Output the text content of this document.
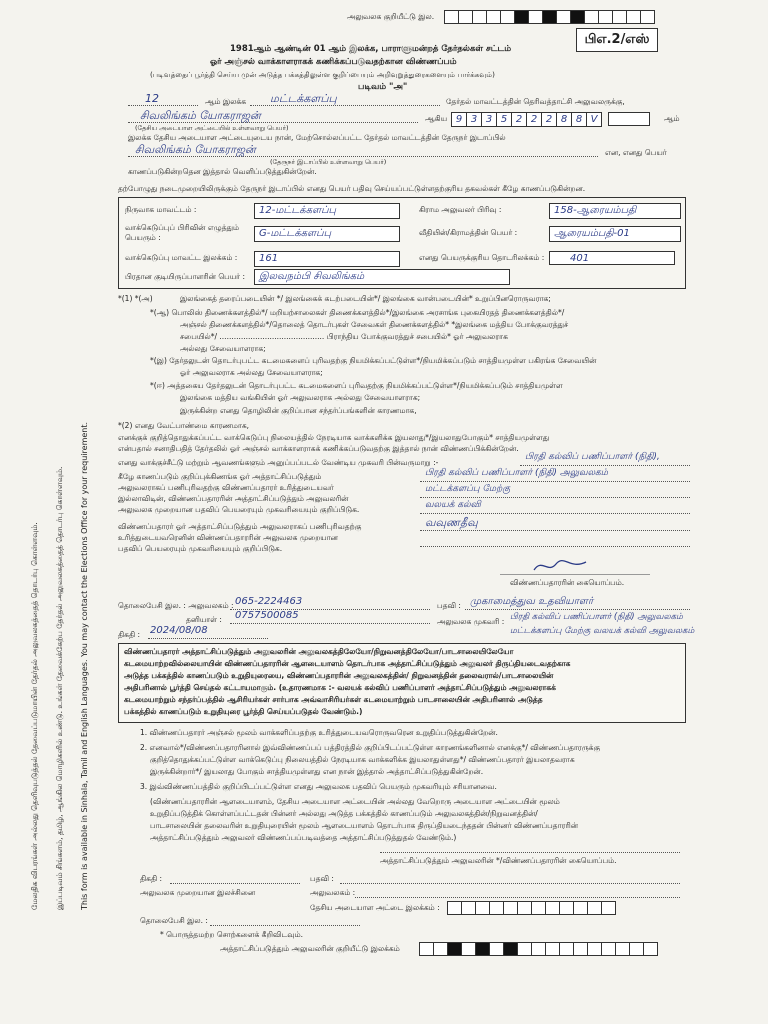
மேலதிக விபரங்கள் அல்லது தெளிவுபடுத்தல் தேவைப்படுமாயின் தேர்தல் அலுவலகத்தைத் தொடர்பு கொள்ளவும். இப்படிவம் சிங்களம், தமிழ், ஆங்கில மொழிகளில் உண்டு. உங்கள் தேவைக்கேற்ப தேர்தல் அலுவலகத்தைத் தொடர்பு கொள்ளவும். This form is available in Sinhala, Tamil and English Languages. You may contact the Elections Office for your requirement.
அலுவலக குறியீட்டு இல.
பிஎ.2/எஸ்
1981ஆம் ஆண்டின் 01 ஆம் இலக்க, பாராளுமன்றத் தேர்தல்கள் சட்டம்
ஓர் அஞ்சல் வாக்காளராகக் கணிக்கப்படுவதற்கான விண்ணப்பம்
(படிவத்தைப் பூர்த்தி செய்ய முன் அடுத்த பக்கத்திலுள்ள குறிப்பையும் அறிவுறுத்துரைகளையும் பார்க்கவும்)
படிவம் "அ"
12	ஆம் இலக்க மட்டக்களப்பு	தேர்தல் மாவட்டத்தின் தெரிவத்தாட்சி அலுவலருக்கு,
சிவலிங்கம் யோகராஜன்
(தேசிய அடையாள அட்டையில் உள்ளவாறு பெயர்)
ஆகிய 9 3 3 5 2 2 2 8 8 V	ஆம்
இலக்க தேசிய அடையாள அட்டையுடைய நான், மேற்சொல்லப்பட்ட தேர்தல் மாவட்டத்தின் தேருநர் இடாப்பில்
சிவலிங்கம் யோகராஜன்	என, எனது பெயர்
(தேருநர் இடாப்பில் உள்ளவாறு பெயர்)
காணப்படுகின்றதென இத்தால் வெளிப்படுத்துகின்றேன்.
தற்போழுது நடைமுறையிலிருக்கும் தேருநர் இடாப்பில் எனது பெயர் பதிவு செய்யப்பட்டுள்ளதற்குரிய தகவல்கள் கீழே காணப்படுகின்றன.
நிருவாக மாவட்டம் :	12-மட்டக்களப்பு	கிராம அலுவலர் பிரிவு :	158-ஆரையம்பதி
வாக்கெடுப்புப் பிரிவின் எழுத்தும் பெயரும் :	G-மட்டக்களப்பு	வீதியின்/கிராமத்தின் பெயர் :	ஆரையம்பதி-01
வாக்கெடுப்பு மாவட்ட இலக்கம் :	161	எனது பெயருக்குரிய தொடரிலக்கம் :	401
பிரதான குடியிருப்பாளரின் பெயர் :	இலவநம்பி சிவலிங்கம்
*(1) *(அ)	இலங்கைத் தரைப்படையின் */ இலங்கைக் கடற்படையின்*/ இலங்கை வான்படையின்* உறுப்பினரொருவராக;
*(ஆ) பொலிஸ் திணைக்களத்தில்*/ மறியற்சாலைகள் திணைக்களத்தில்*/இலங்கை அரசாங்க புகையிரதத் திணைக்களத்தில்*/
அஞ்சல் திணைக்களத்தில்*/தொலைத் தொடர்புகள் சேவைகள் திணைக்களத்தில்* *இலங்கை மத்திய போக்குவரத்துச்
சபையில்*/ ............................................ பிராந்திய போக்குவரத்துச் சபையில்* ஓர் அலுவலராக
அல்லது சேவையாளராக;
*(இ) தேர்தலுடன் தொடர்புபட்ட கடமைகளைப் புரிவதற்கு நியமிக்கப்பட்டுள்ள*/நியமிக்கப்படும் சாத்தியமுள்ள பகிரங்க சேவையின்
ஓர் அலுவலராக அல்லது சேவையாளராக;
*(ஈ) அத்தகைய தேர்தலுடன் தொடர்புபட்ட கடமைகளைப் புரிவதற்கு நியமிக்கப்பட்டுள்ள*/நியமிக்கப்படும் சாத்தியமுள்ள
இலங்கை மத்திய வங்கியின் ஓர் அலுவலராக அல்லது சேவையாளராக;
இருக்கின்ற எனது தொழிலின் குறிப்பான சந்தர்ப்பங்களின் காரணமாக,
*(2) எனது வேட்பாண்மை காரணமாக,
எனக்குக் குறித்தொதுக்கப்பட்ட வாக்கெடுப்பு நிலையத்தில் நேரடியாக வாக்களிக்க இயலாது*/இயலாதுபோகும்* சாத்தியமுள்ளது
என்பதால் சனாதிபதித் தேர்தலில் ஓர் அஞ்சல் வாக்காளராகக் கணிக்கப்படுவதற்கு இத்தால் நான் விண்ணப்பிக்கின்றேன்.
எனது வாக்குச்சீட்டு மற்றும் ஆவணங்களும் அனுப்பப்படல் வேண்டிய முகவரி பின்வருமாறு :-
பிரதி கல்விப் பணிப்பாளர் (நிதி),
கீழே காணப்படும் குறிப்புக்கிணங்க ஓர் அத்தாட்சிப்படுத்தும்
அலுவலராகப் பணிபுரிவதற்கு விண்ணப்பதாரர் உரித்துடையவர்
இல்லாவிடின், விண்ணப்பதாரரின் அத்தாட்சிப்படுத்தும் அலுவலரின்
அலுவலக முறையான பதவிப் பெயரையும் முகவரியையும் குறிப்பிடுக.
பிரதி கல்விப் பணிப்பாளர் (நிதி) அலுவலகம்
மட்டக்களப்பு மேற்கு
வலயக் கல்வி
விண்ணப்பதாரர் ஓர் அத்தாட்சிப்படுத்தும் அலுவலராகப் பணிபுரிவதற்கு
உரித்துடையவரெனின் விண்ணப்பதாரரின் அலுவலக முறையான
பதவிப் பெயரையும் முகவரியையும் குறிப்பிடுக.
வவுணதீவு
விண்ணப்பதாரரின் கையொப்பம்.
தொலைபேசி இல. : அலுவலகம் : 065-2224463
தனியாள் : 0757500085
பதவி : முகாமைத்துவ உதவியாளர்
திகதி : 2024/08/08
அலுவலக முகவரி : பிரதி கல்விப் பணிப்பாளர் (நிதி) அலுவலகம்
மட்டக்களப்பு மேற்கு வலயக் கல்வி அலுவலகம்
விண்ணப்பதாரர் அத்தாட்சிப்படுத்தும் அலுவலரின் அலுவலகத்திலேயோ/நிறுவனத்திலேயோ/பாடசாலையிலேயோ
கடமையாற்றவில்லையாயின் விண்ணப்பதாரரின் ஆளடையாளம் தொடர்பாக அத்தாட்சிப்படுத்தும் அலுவலர் திருப்தியடைவதற்காக
அடுத்த பக்கத்தில் காணப்படும் உறுதியுரையை, விண்ணப்பதாரரின் அலுவலகத்தின்/ நிறுவனத்தின் தலைவரால்/பாடசாலையின்
அதிபரினால் பூர்த்தி செய்தல் கட்டாயமாகும். (உதாரணமாக :- வலயக் கல்விப் பணிப்பாளர் அத்தாட்சிப்படுத்தும் அலுவலராகக்
கடமையாற்றும் சந்தர்ப்பத்தில் ஆசிரியர்கள் சார்பாக அவ்வாசிரியர்கள் கடமையாற்றும் பாடசாலையின் அதிபரினால் அடுத்த
பக்கத்தில் காணப்படும் உறுதியுரை பூர்த்தி செய்யப்படுதல் வேண்டும்.)
1. விண்ணப்பதாரர் அஞ்சல் மூலம் வாக்களிப்பதற்கு உரித்துடையவரொருவரென உறுதிப்படுத்துகின்றேன்.
2. எனவால்*/விண்ணப்பதாரரினால் இவ்விண்ணப்பப் பத்திரத்தில் குறிப்பிடப்பட்டுள்ள காரணங்களினால் எனக்கு*/ விண்ணப்பதாரருக்கு
குறித்தொதுக்கப்பட்டுள்ள வாக்கெடுப்பு நிலையத்தில் நேரடியாக வாக்களிக்க இயலாதுள்ளது*/ விண்ணப்பதாரர் இயலாதவராக
இருக்கின்றார்*/ இயலாது போகும் சாத்தியமுள்ளது என நான் இத்தால் அத்தாட்சிப்படுத்துகின்றேன்.
3. இவ்விண்ணப்பத்தில் குறிப்பிடப்பட்டுள்ள எனது அலுவலக பதவிப் பெயரும் முகவரியும் சரியானவை.
(விண்ணப்பதாரரின் ஆளடையாளம், தேசிய அடையாள அட்டையின் அல்லது வேறொரு அடையாள அட்டையின் மூலம்
உறுதிப்படுத்திக் கொள்ளப்பட்டதன் பின்னர் அல்லது அடுத்த பக்கத்தில் காணப்படும் அலுவலகத்தின்/நிறுவனத்தின்/
பாடசாலையின் தலைவரின் உறுதியுரையின் மூலம் ஆளடையாளம் தொடர்பாக திருப்தியடைந்ததன் பின்னர் விண்ணப்பதாரரின்
அத்தாட்சிப்படுத்தும் அலுவலர் விண்ணப்பப்படிவத்தை அத்தாட்சிப்படுத்துதல் வேண்டும்.)
அத்தாட்சிப்படுத்தும் அலுவலரின் */விண்ணப்பதாரரின் கையொப்பம்.
திகதி :
அலுவலக முறையான இலச்சினை
பதவி :
அலுவலகம் :
தேசிய அடையாள அட்டை இலக்கம் :
தொலைபேசி இல. :
* பொருத்தமற்ற சொற்களைக் கீறிவிடவும்.
அத்தாட்சிப்படுத்தும் அலுவலரின் குறியீட்டு இலக்கம்
